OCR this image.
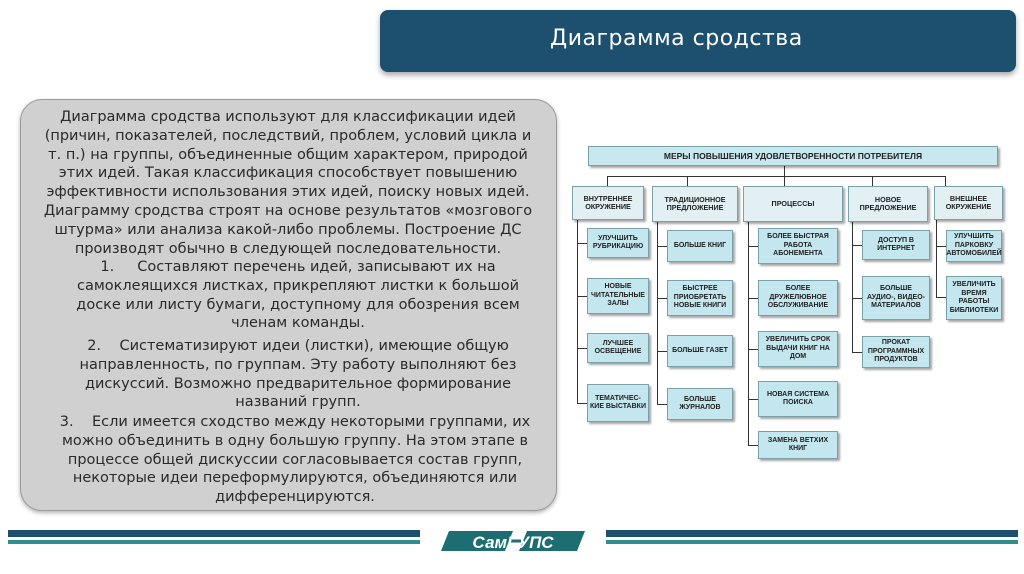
Диаграмма сродства
Диаграмма сродства используют для классификации идей (причин, показателей, последствий, проблем, условий цикла и т. п.) на группы, объединенные общим характером, природой этих идей. Такая классификация способствует повышению эффективности использования этих идей, поиску новых идей. Диаграмму сродства строят на основе результатов «мозгового штурма» или анализа какой-либо проблемы. Построение ДС производят обычно в следующей последовательности.
1.     Составляют перечень идей, записывают их на самоклеящихся листках, прикрепляют листки к большой доске или листу бумаги, доступному для обозрения всем членам команды.
2.    Систематизируют идеи (листки), имеющие общую направленность, по группам. Эту работу выполняют без дискуссий. Возможно предварительное формирование названий групп.
3.    Если имеется сходство между некоторыми группами, их можно объединить в одну большую группу. На этом этапе в процессе общей дискуссии согласовывается состав групп, некоторые идеи переформулируются, объединяются или дифференцируются.
МЕРЫ ПОВЫШЕНИЯ УДОВЛЕТВОРЕННОСТИ ПОТРЕБИТЕЛЯ
ВНУТРЕННЕЕ ОКРУЖЕНИЕ
ТРАДИЦИОННОЕ ПРЕДЛОЖЕНИЕ	ПРОЦЕССЫ	НОВОЕ ПРЕДЛОЖЕНИЕ
ВНЕШНЕЕ ОКРУЖЕНИЕ
УЛУЧШИТЬ РУБРИКАЦИЮ
НОВЫЕ ЧИТАТЕЛЬНЫЕ ЗАЛЫ
ЛУЧШЕЕ ОСВЕЩЕНИЕ
ТЕМАТИЧЕС-КИЕ ВЫСТАВКИ
БОЛЬШЕ КНИГ
БЫСТРЕЕ ПРИОБРЕТАТЬ НОВЫЕ КНИГИ
БОЛЬШЕ ГАЗЕТ
БОЛЬШЕ ЖУРНАЛОВ
БОЛЕЕ БЫСТРАЯ РАБОТА АБОНЕМЕНТА
БОЛЕЕ ДРУЖЕЛЮБНОЕ ОБСЛУЖИВАНИЕ
УВЕЛИЧИТЬ СРОК ВЫДАЧИ КНИГ НА ДОМ
НОВАЯ СИСТЕМА ПОИСКА
ЗАМЕНА ВЕТХИХ КНИГ
ДОСТУП В ИНТЕРНЕТ
БОЛЬШЕ АУДИО-, ВИДЕО-МАТЕРИАЛОВ
ПРОКАТ ПРОГРАММНЫХ ПРОДУКТОВ
УЛУЧШИТЬ ПАРКОВКУ АВТОМОБИЛЕЙ
УВЕЛИЧИТЬ ВРЕМЯ РАБОТЫ БИБЛИОТЕКИ
СамГУПС
